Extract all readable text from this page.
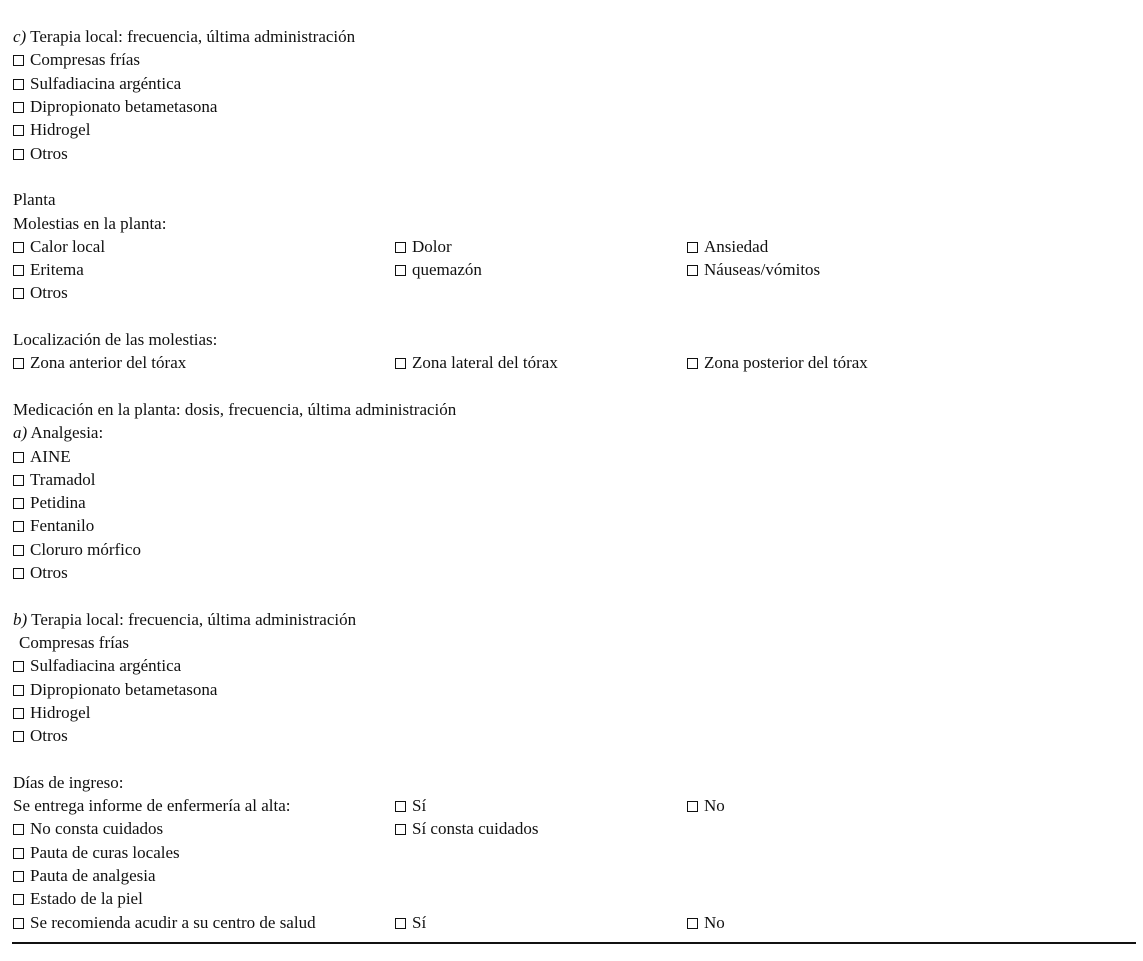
c) Terapia local: frecuencia, última administración
Compresas frías
Sulfadiacina argéntica
Dipropionato betametasona
Hidrogel
Otros
Planta
Molestias en la planta:
Calor local	Dolor	Ansiedad
Eritema	quemazón	Náuseas/vómitos
Otros
Localización de las molestias:
Zona anterior del tórax	Zona lateral del tórax	Zona posterior del tórax
Medicación en la planta: dosis, frecuencia, última administración
a) Analgesia:
AINE
Tramadol
Petidina
Fentanilo
Cloruro mórfico
Otros
b) Terapia local: frecuencia, última administración
Compresas frías
Sulfadiacina argéntica
Dipropionato betametasona
Hidrogel
Otros
Días de ingreso:
Se entrega informe de enfermería al alta:	Sí	No
No consta cuidados	Sí consta cuidados
Pauta de curas locales
Pauta de analgesia
Estado de la piel
Se recomienda acudir a su centro de salud	Sí	No
